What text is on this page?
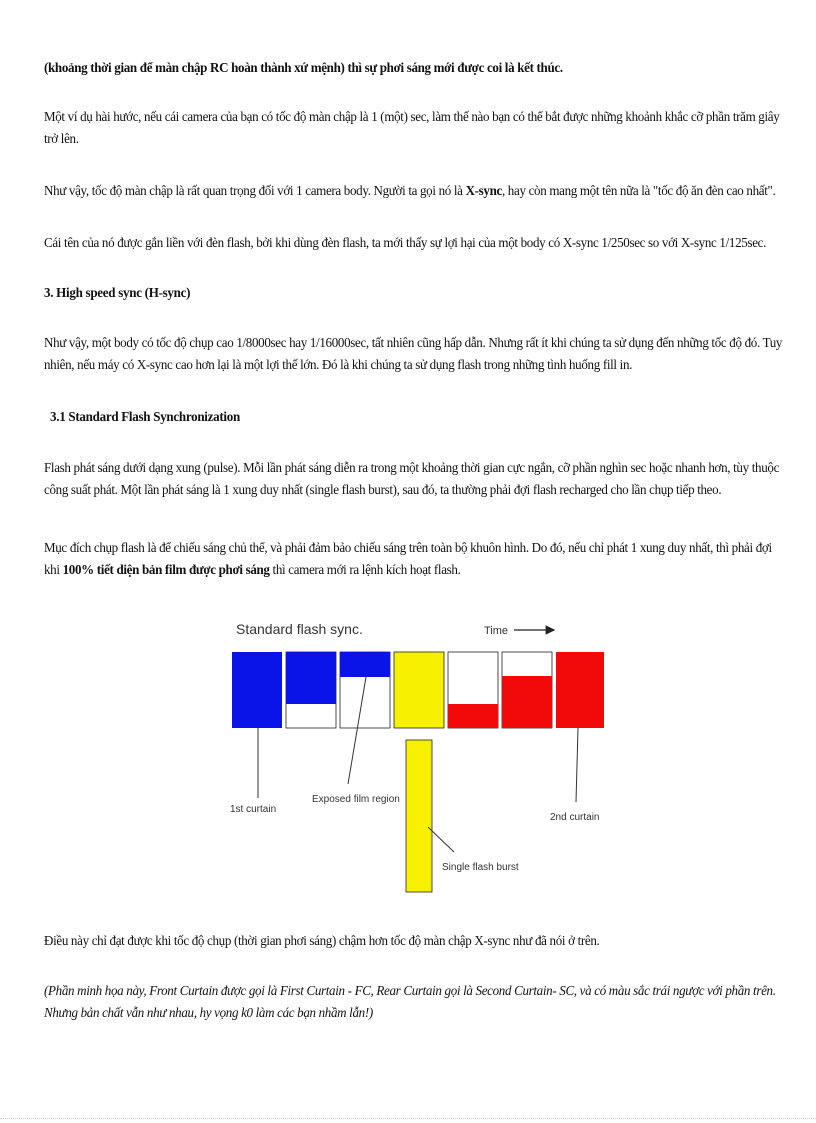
(khoảng thời gian để màn chập RC hoàn thành xứ mệnh) thì sự phơi sáng mới được coi là kết thúc.
Một ví dụ hài hước, nếu cái camera của bạn có tốc độ màn chập là 1 (một) sec, làm thế nào bạn có thể bắt được những khoảnh khắc cỡ phần trăm giây trở lên.
Như vậy, tốc độ màn chập là rất quan trọng đối với 1 camera body. Người ta gọi nó là X-sync, hay còn mang một tên nữa là "tốc độ ăn đèn cao nhất".
Cái tên của nó được gắn liền với đèn flash, bởi khi dùng đèn flash, ta mới thấy sự lợi hại của một body có X-sync 1/250sec so với X-sync 1/125sec.
3. High speed sync (H-sync)
Như vậy, một body có tốc độ chụp cao 1/8000sec hay 1/16000sec, tất nhiên cũng hấp dẫn. Nhưng rất ít khi chúng ta sử dụng đến những tốc độ đó. Tuy nhiên, nếu máy có X-sync cao hơn lại là một lợi thế lớn. Đó là khi chúng ta sử dụng flash trong những tình huống fill in.
3.1 Standard Flash Synchronization
Flash phát sáng dưới dạng xung (pulse). Mỗi lần phát sáng diễn ra trong một khoảng thời gian cực ngắn, cỡ phần nghìn sec hoặc nhanh hơn, tùy thuộc công suất phát. Một lần phát sáng là 1 xung duy nhất (single flash burst), sau đó, ta thường phải đợi flash recharged cho lần chụp tiếp theo.
Mục đích chụp flash là để chiếu sáng chủ thể, và phải đảm bảo chiếu sáng trên toàn bộ khuôn hình. Do đó, nếu chỉ phát 1 xung duy nhất, thì phải đợi khi 100% tiết diện bản film được phơi sáng thì camera mới ra lệnh kích hoạt flash.
Standard flash sync.	Time
1st curtain
Exposed film region
2nd curtain
Single flash burst
Điều này chỉ đạt được khi tốc độ chụp (thời gian phơi sáng) chậm hơn tốc độ màn chập X-sync như đã nói ở trên.
(Phần minh họa này, Front Curtain được gọi là First Curtain - FC, Rear Curtain gọi là Second Curtain- SC, và có màu sắc trái ngược với phần trên. Nhưng bản chất vẫn như nhau, hy vọng k0 làm các bạn nhầm lẫn!)
